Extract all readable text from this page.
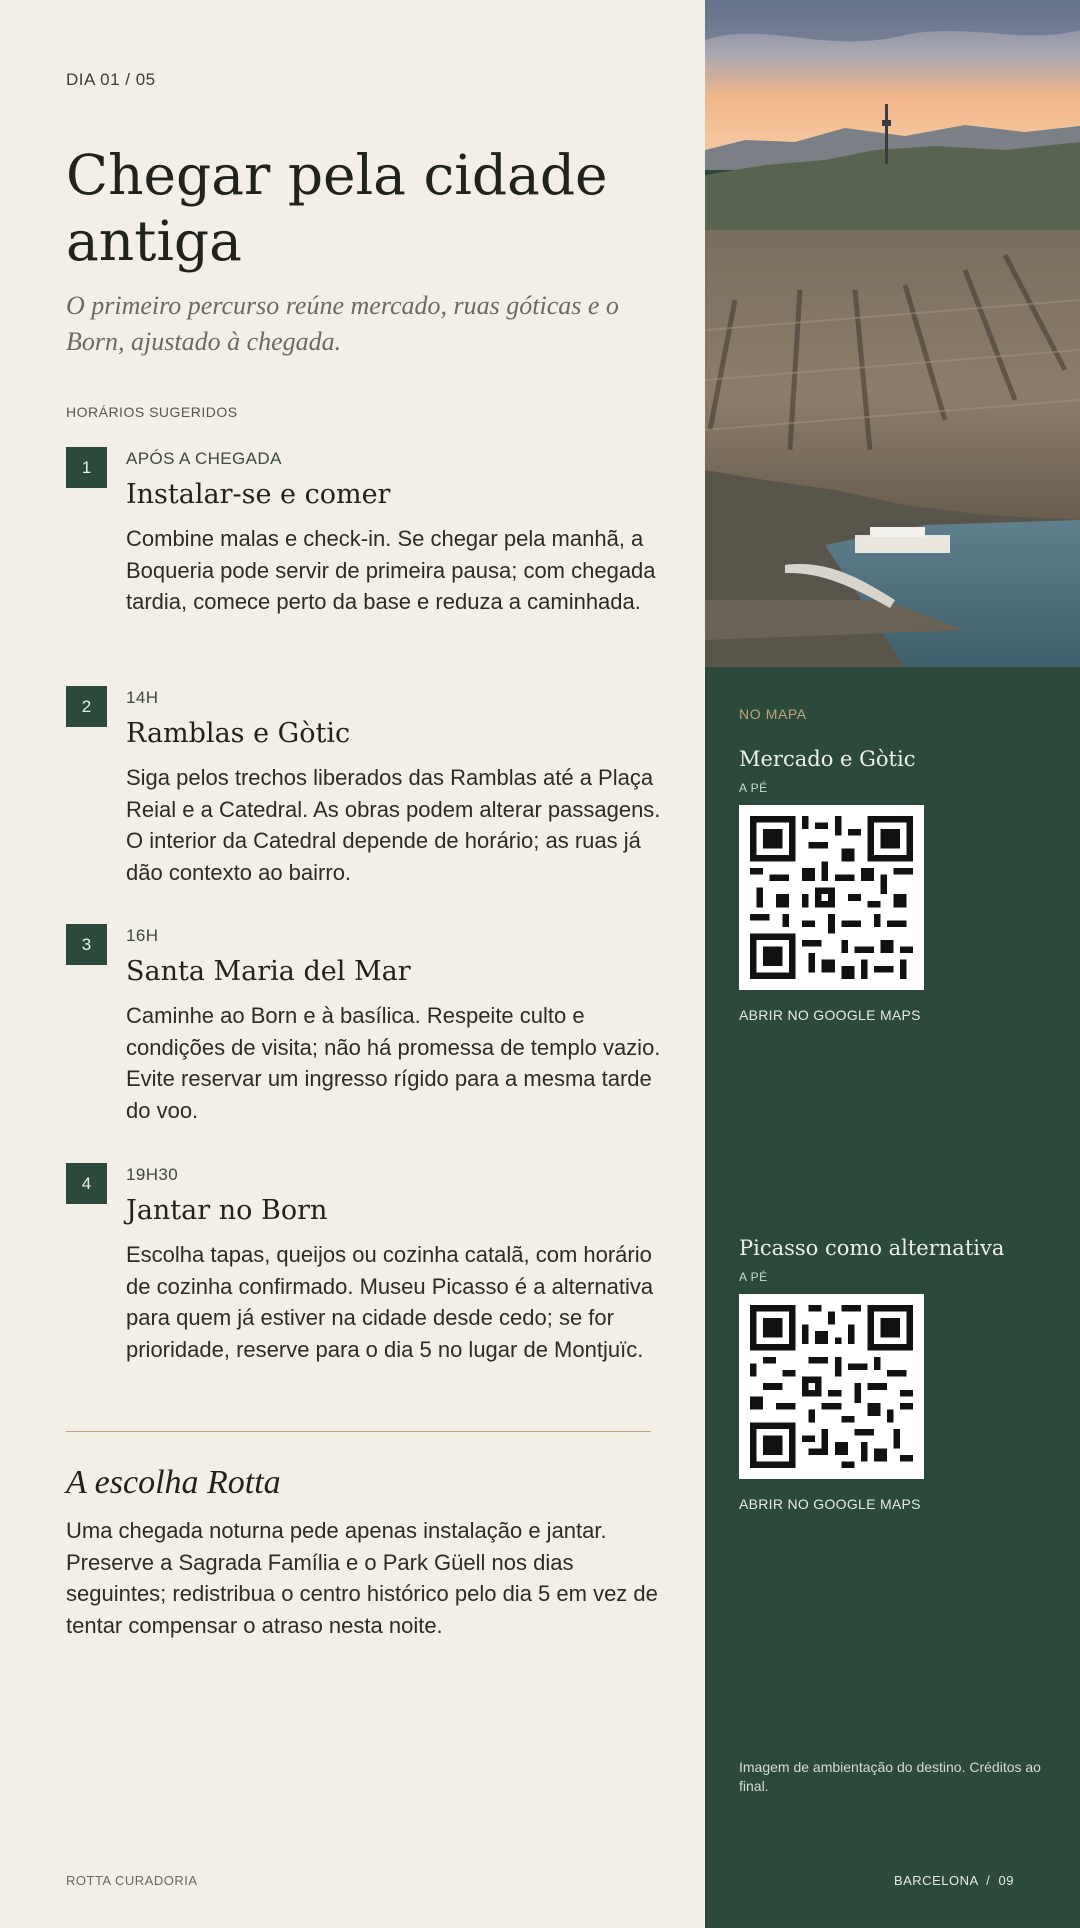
DIA 01 / 05
Chegar pela cidade antiga

O primeiro percurso reúne mercado, ruas góticas e o Born, ajustado à chegada.

HORÁRIOS SUGERIDOS
1	APÓS A CHEGADA
Instalar-se e comer

Combine malas e check-in. Se chegar pela manhã, a Boqueria pode servir de primeira pausa; com chegada tardia, comece perto da base e reduza a caminhada.

2	14H
Ramblas e Gòtic

Siga pelos trechos liberados das Ramblas até a Plaça Reial e a Catedral. As obras podem alterar passagens. O interior da Catedral depende de horário; as ruas já dão contexto ao bairro.

3	16H
Santa Maria del Mar

Caminhe ao Born e à basílica. Respeite culto e condições de visita; não há promessa de templo vazio. Evite reservar um ingresso rígido para a mesma tarde do voo.

4	19H30
Jantar no Born

Escolha tapas, queijos ou cozinha catalã, com horário de cozinha confirmado. Museu Picasso é a alternativa para quem já estiver na cidade desde cedo; se for prioridade, reserve para o dia 5 no lugar de Montjuïc.

A escolha Rotta

Uma chegada noturna pede apenas instalação e jantar. Preserve a Sagrada Família e o Park Güell nos dias seguintes; redistribua o centro histórico pelo dia 5 em vez de tentar compensar o atraso nesta noite.

ROTTA CURADORIA
NO MAPA
Mercado e Gòtic
A PÉ
ABRIR NO GOOGLE MAPS
Picasso como alternativa
A PÉ
ABRIR NO GOOGLE MAPS

Imagem de ambientação do destino. Créditos ao final.

BARCELONA / 09
